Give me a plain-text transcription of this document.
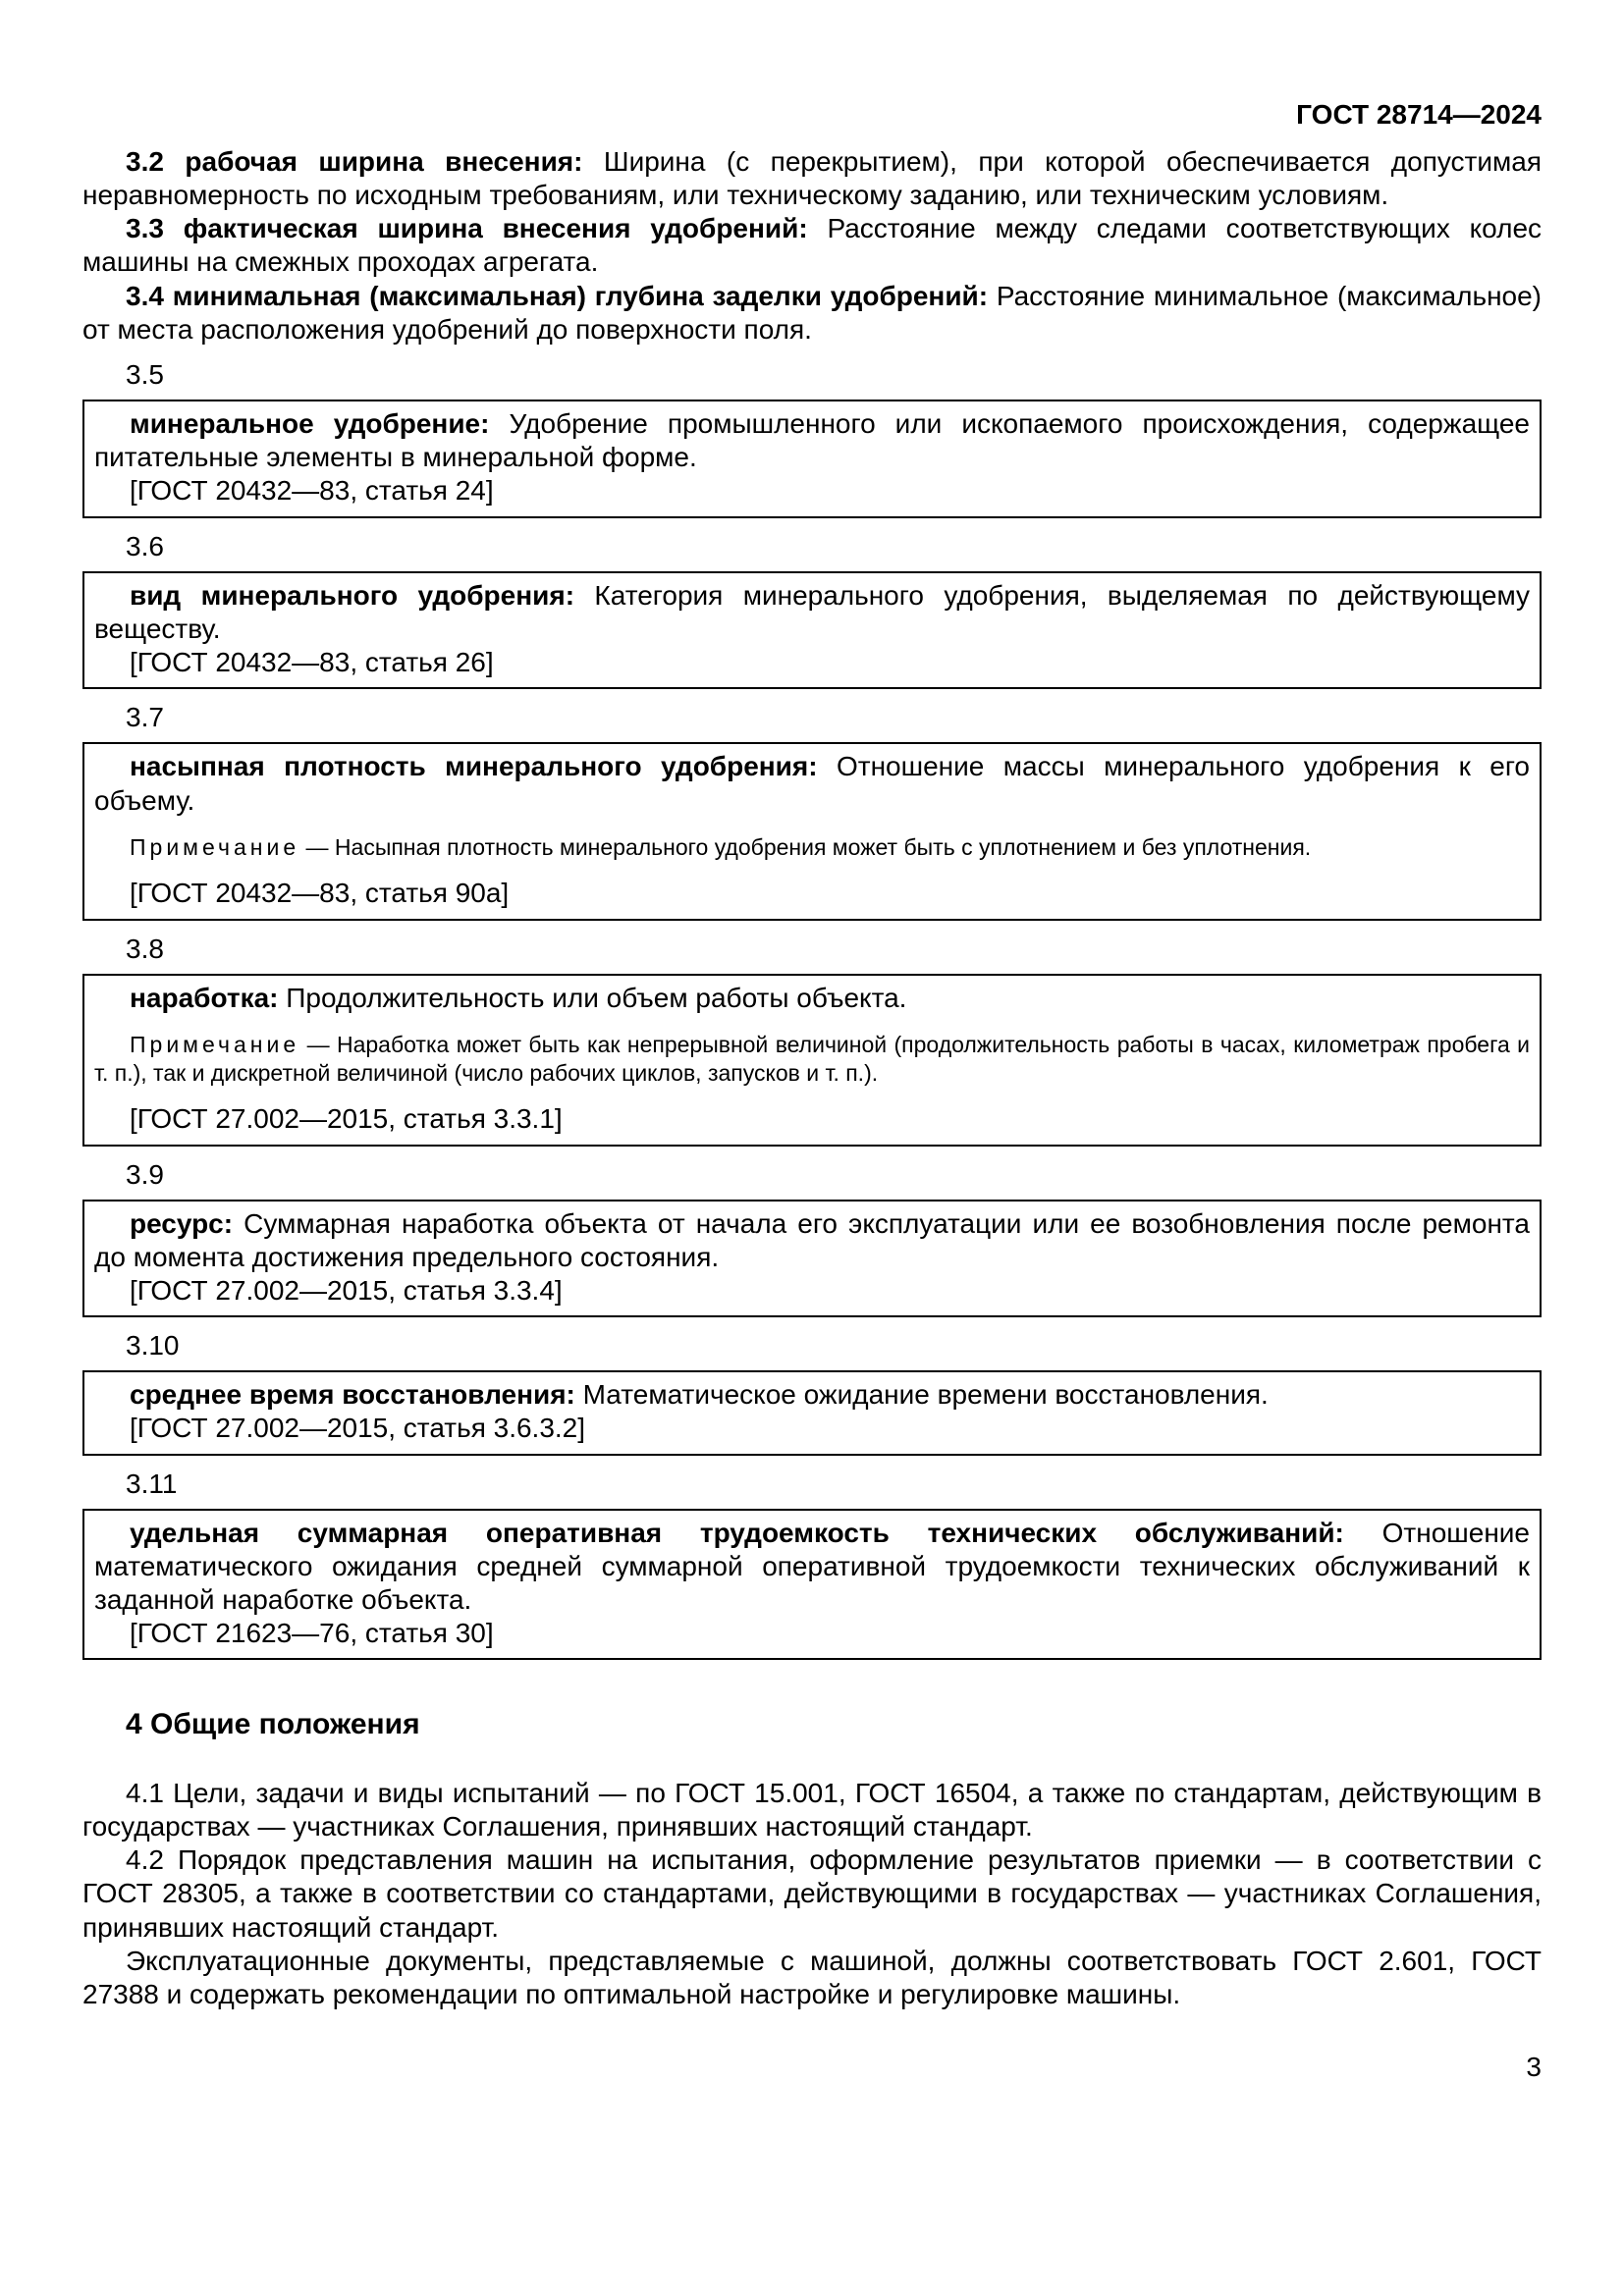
ГОСТ 28714—2024

3.2 рабочая ширина внесения: Ширина (с перекрытием), при которой обеспечивается допустимая неравномерность по исходным требованиям, или техническому заданию, или техническим условиям.

3.3 фактическая ширина внесения удобрений: Расстояние между следами соответствующих колес машины на смежных проходах агрегата.

3.4 минимальная (максимальная) глубина заделки удобрений: Расстояние минимальное (максимальное) от места расположения удобрений до поверхности поля.

3.5

минеральное удобрение: Удобрение промышленного или ископаемого происхождения, содержащее питательные элементы в минеральной форме.

[ГОСТ 20432—83, статья 24]

3.6

вид минерального удобрения: Категория минерального удобрения, выделяемая по действующему веществу.

[ГОСТ 20432—83, статья 26]

3.7

насыпная плотность минерального удобрения: Отношение массы минерального удобрения к его объему.

Примечание — Насыпная плотность минерального удобрения может быть с уплотнением и без уплотнения.

[ГОСТ 20432—83, статья 90а]

3.8

наработка: Продолжительность или объем работы объекта.

Примечание — Наработка может быть как непрерывной величиной (продолжительность работы в часах, километраж пробега и т. п.), так и дискретной величиной (число рабочих циклов, запусков и т. п.).

[ГОСТ 27.002—2015, статья 3.3.1]

3.9

ресурс: Суммарная наработка объекта от начала его эксплуатации или ее возобновления после ремонта до момента достижения предельного состояния.

[ГОСТ 27.002—2015, статья 3.3.4]

3.10

среднее время восстановления: Математическое ожидание времени восстановления.

[ГОСТ 27.002—2015, статья 3.6.3.2]

3.11

удельная суммарная оперативная трудоемкость технических обслуживаний: Отношение математического ожидания средней суммарной оперативной трудоемкости технических обслуживаний к заданной наработке объекта.

[ГОСТ 21623—76, статья 30]

4 Общие положения

4.1 Цели, задачи и виды испытаний — по ГОСТ 15.001, ГОСТ 16504, а также по стандартам, действующим в государствах — участниках Соглашения, принявших настоящий стандарт.

4.2 Порядок представления машин на испытания, оформление результатов приемки — в соответствии с ГОСТ 28305, а также в соответствии со стандартами, действующими в государствах — участниках Соглашения, принявших настоящий стандарт.

Эксплуатационные документы, представляемые с машиной, должны соответствовать ГОСТ 2.601, ГОСТ 27388 и содержать рекомендации по оптимальной настройке и регулировке машины.

3
